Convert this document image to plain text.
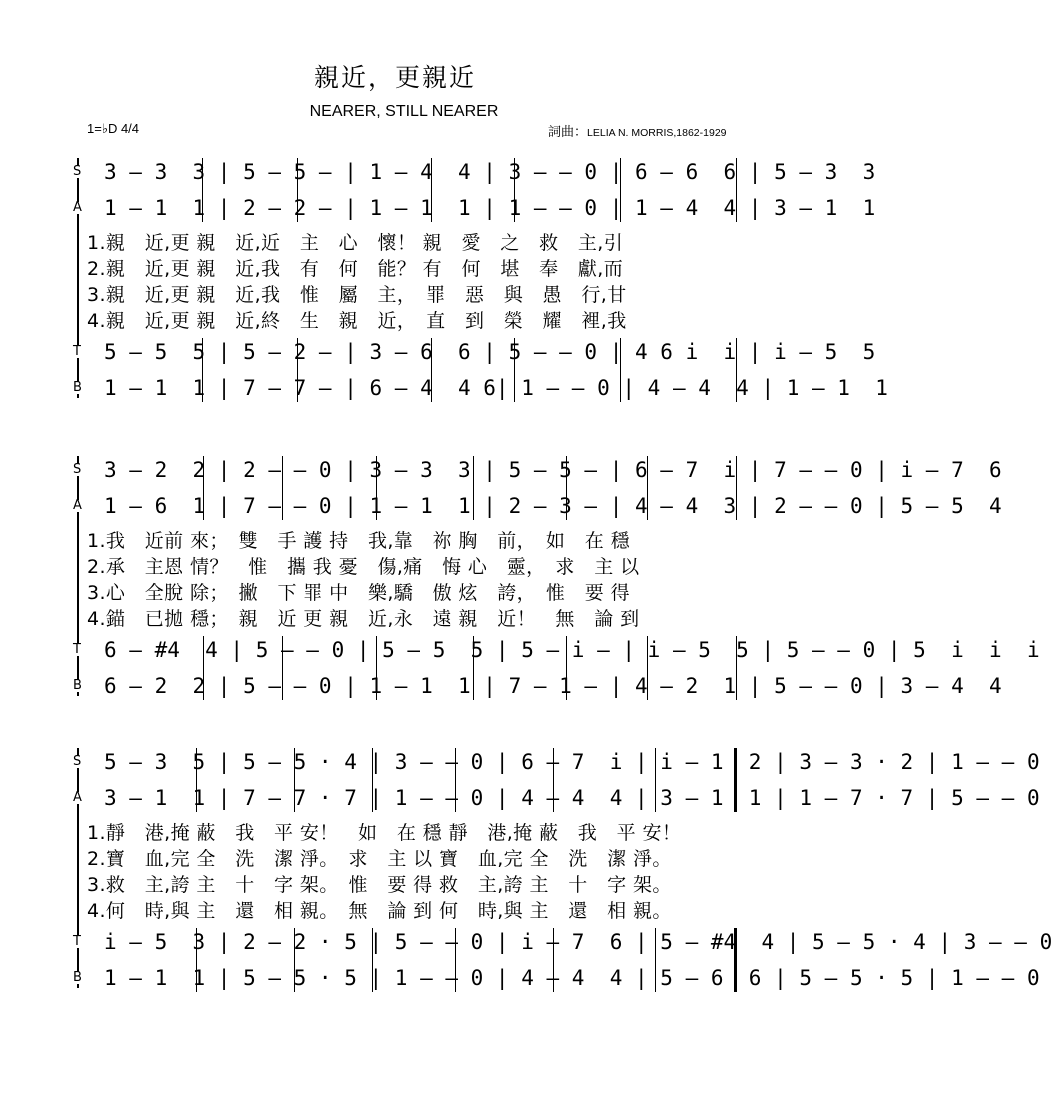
親近，更親近
NEARER, STILL NEARER
1=♭D 4/4	詞曲：LELIA N. MORRIS,1862-1929
S
A
T
B
3 – 3  3 | 5 – 5 – | 1 – 4  4 | 3 – – 0 | 6 – 6  6 | 5 – 3  3
1 – 1  1 | 2 – 2 – | 1 – 1  1 | 1 – – 0 | 1 – 4  4 | 3 – 1  1
1.親　近,更 親　近,近　主　心　懷！ 親　愛　之　救　主,引
2.親　近,更 親　近,我　有　何　能？ 有　何　堪　奉　獻,而
3.親　近,更 親　近,我　惟　屬　主，　罪　惡　與　愚　行,甘
4.親　近,更 親　近,終　生　親　近，　直　到　榮　耀　裡,我
5 – 5  5 | 5 – 2 – | 3 – 6  6 | 5 – – 0 | 4 6 i  i | i – 5  5
1 – 1  1 | 7 – 7 – | 6 – 4  4 6| 1 – – 0 | 4 – 4  4 | 1 – 1  1
S
A
T
B
3 – 2  2 | 2 – – 0 | 3 – 3  3 | 5 – 5 – | 6 – 7  i | 7 – – 0 | i – 7  6
1 – 6  1 | 7 – – 0 | 1 – 1  1 | 2 – 3 – | 4 – 4  3 | 2 – – 0 | 5 – 5  4
1.我　近前 來；　雙　手 護 持　我,靠　祢 胸　前，　如　在 穩
2.承　主恩 情？　惟　攜 我 憂　傷,痛　悔 心　靈，　求　主 以
3.心　全脫 除；　撇　下 罪 中　樂,驕　傲 炫　誇，　惟　要 得
4.錨　已拋 穩；　親　近 更 親　近,永　遠 親　近！　無　論 到
6 – #4  4 | 5 – – 0 | 5 – 5  5 | 5 – i – | i – 5  5 | 5 – – 0 | 5  i  i  i
6 – 2  2 | 5 – – 0 | 1 – 1  1 | 7 – 1 – | 4 – 2  1 | 5 – – 0 | 3 – 4  4
S
A
T
B
5 – 3  5 | 5 – 5 · 4 | 3 – – 0 | 6 – 7  i | i – 1  2 | 3 – 3 · 2 | 1 – – 0
3 – 1  1 | 7 – 7 · 7 | 1 – – 0 | 4 – 4  4 | 3 – 1  1 | 1 – 7 · 7 | 5 – – 0
1.靜　港,掩 蔽　我　平 安！　如　在 穩 靜　港,掩 蔽　我　平 安！
2.寶　血,完 全　洗　潔 淨。　求　主 以 寶　血,完 全　洗　潔 淨。
3.救　主,誇 主　十　字 架。　惟　要 得 救　主,誇 主　十　字 架。
4.何　時,與 主　還　相 親。　無　論 到 何　時,與 主　還　相 親。
i – 5  3 | 2 – 2 · 5 | 5 – – 0 | i – 7  6 | 5 – #4  4 | 5 – 5 · 4 | 3 – – 0
1 – 1  1 | 5 – 5 · 5 | 1 – – 0 | 4 – 4  4 | 5 – 6  6 | 5 – 5 · 5 | 1 – – 0
